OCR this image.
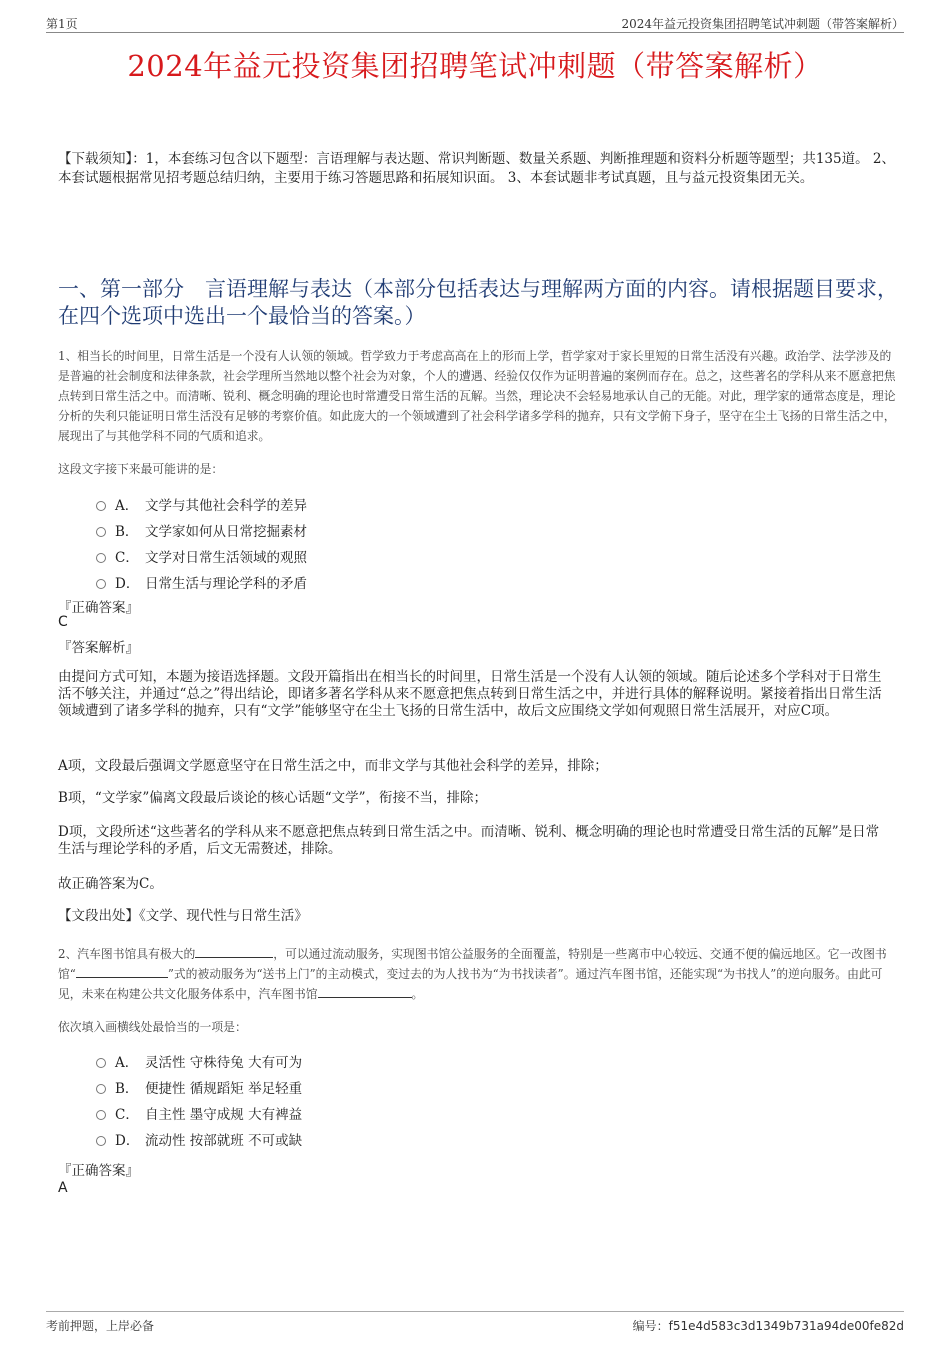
第1页	2024年益元投资集团招聘笔试冲刺题（带答案解析）
2024年益元投资集团招聘笔试冲刺题（带答案解析）
【下载须知】：1，本套练习包含以下题型：言语理解与表达题、常识判断题、数量关系题、判断推理题和资料分析题等题型；共135道。 2、本套试题根据常见招考题总结归纳，主要用于练习答题思路和拓展知识面。 3、本套试题非考试真题，且与益元投资集团无关。
一、第一部分　言语理解与表达（本部分包括表达与理解两方面的内容。请根据题目要求，在四个选项中选出一个最恰当的答案。）
1、相当长的时间里，日常生活是一个没有人认领的领域。哲学致力于考虑高高在上的形而上学，哲学家对于家长里短的日常生活没有兴趣。政治学、法学涉及的是普遍的社会制度和法律条款，社会学理所当然地以整个社会为对象，个人的遭遇、经验仅仅作为证明普遍的案例而存在。总之，这些著名的学科从来不愿意把焦点转到日常生活之中。而清晰、锐利、概念明确的理论也时常遭受日常生活的瓦解。当然，理论决不会轻易地承认自己的无能。对此，理学家的通常态度是，理论分析的失利只能证明日常生活没有足够的考察价值。如此庞大的一个领域遭到了社会科学诸多学科的抛弃，只有文学俯下身子，坚守在尘土飞扬的日常生活之中，展现出了与其他学科不同的气质和追求。
这段文字接下来最可能讲的是：
A． 文学与其他社会科学的差异
B． 文学家如何从日常挖掘素材
C． 文学对日常生活领域的观照
D． 日常生活与理论学科的矛盾
『正确答案』
C
『答案解析』
由提问方式可知，本题为接语选择题。文段开篇指出在相当长的时间里，日常生活是一个没有人认领的领域。随后论述多个学科对于日常生活不够关注，并通过“总之”得出结论，即诸多著名学科从来不愿意把焦点转到日常生活之中，并进行具体的解释说明。紧接着指出日常生活领域遭到了诸多学科的抛弃，只有“文学”能够坚守在尘土飞扬的日常生活中，故后文应围绕文学如何观照日常生活展开，对应C项。
A项，文段最后强调文学愿意坚守在日常生活之中，而非文学与其他社会科学的差异，排除；
B项，“文学家”偏离文段最后谈论的核心话题“文学”，衔接不当，排除；
D项，文段所述“这些著名的学科从来不愿意把焦点转到日常生活之中。而清晰、锐利、概念明确的理论也时常遭受日常生活的瓦解”是日常生活与理论学科的矛盾，后文无需赘述，排除。
故正确答案为C。
【文段出处】《文学、现代性与日常生活》
2、汽车图书馆具有极大的	，可以通过流动服务，实现图书馆公益服务的全面覆盖，特别是一些离市中心较远、交通不便的偏远地区。它一改图书馆“	”式的被动服务为“送书上门”的主动模式，变过去的为人找书为“为书找读者”。通过汽车图书馆，还能实现“为书找人”的逆向服务。由此可见，未来在构建公共文化服务体系中，汽车图书馆	。
依次填入画横线处最恰当的一项是：
A． 灵活性 守株待兔 大有可为
B． 便捷性 循规蹈矩 举足轻重
C． 自主性 墨守成规 大有裨益
D． 流动性 按部就班 不可或缺
『正确答案』
A
考前押题，上岸必备	编号：f51e4d583c3d1349b731a94de00fe82d
